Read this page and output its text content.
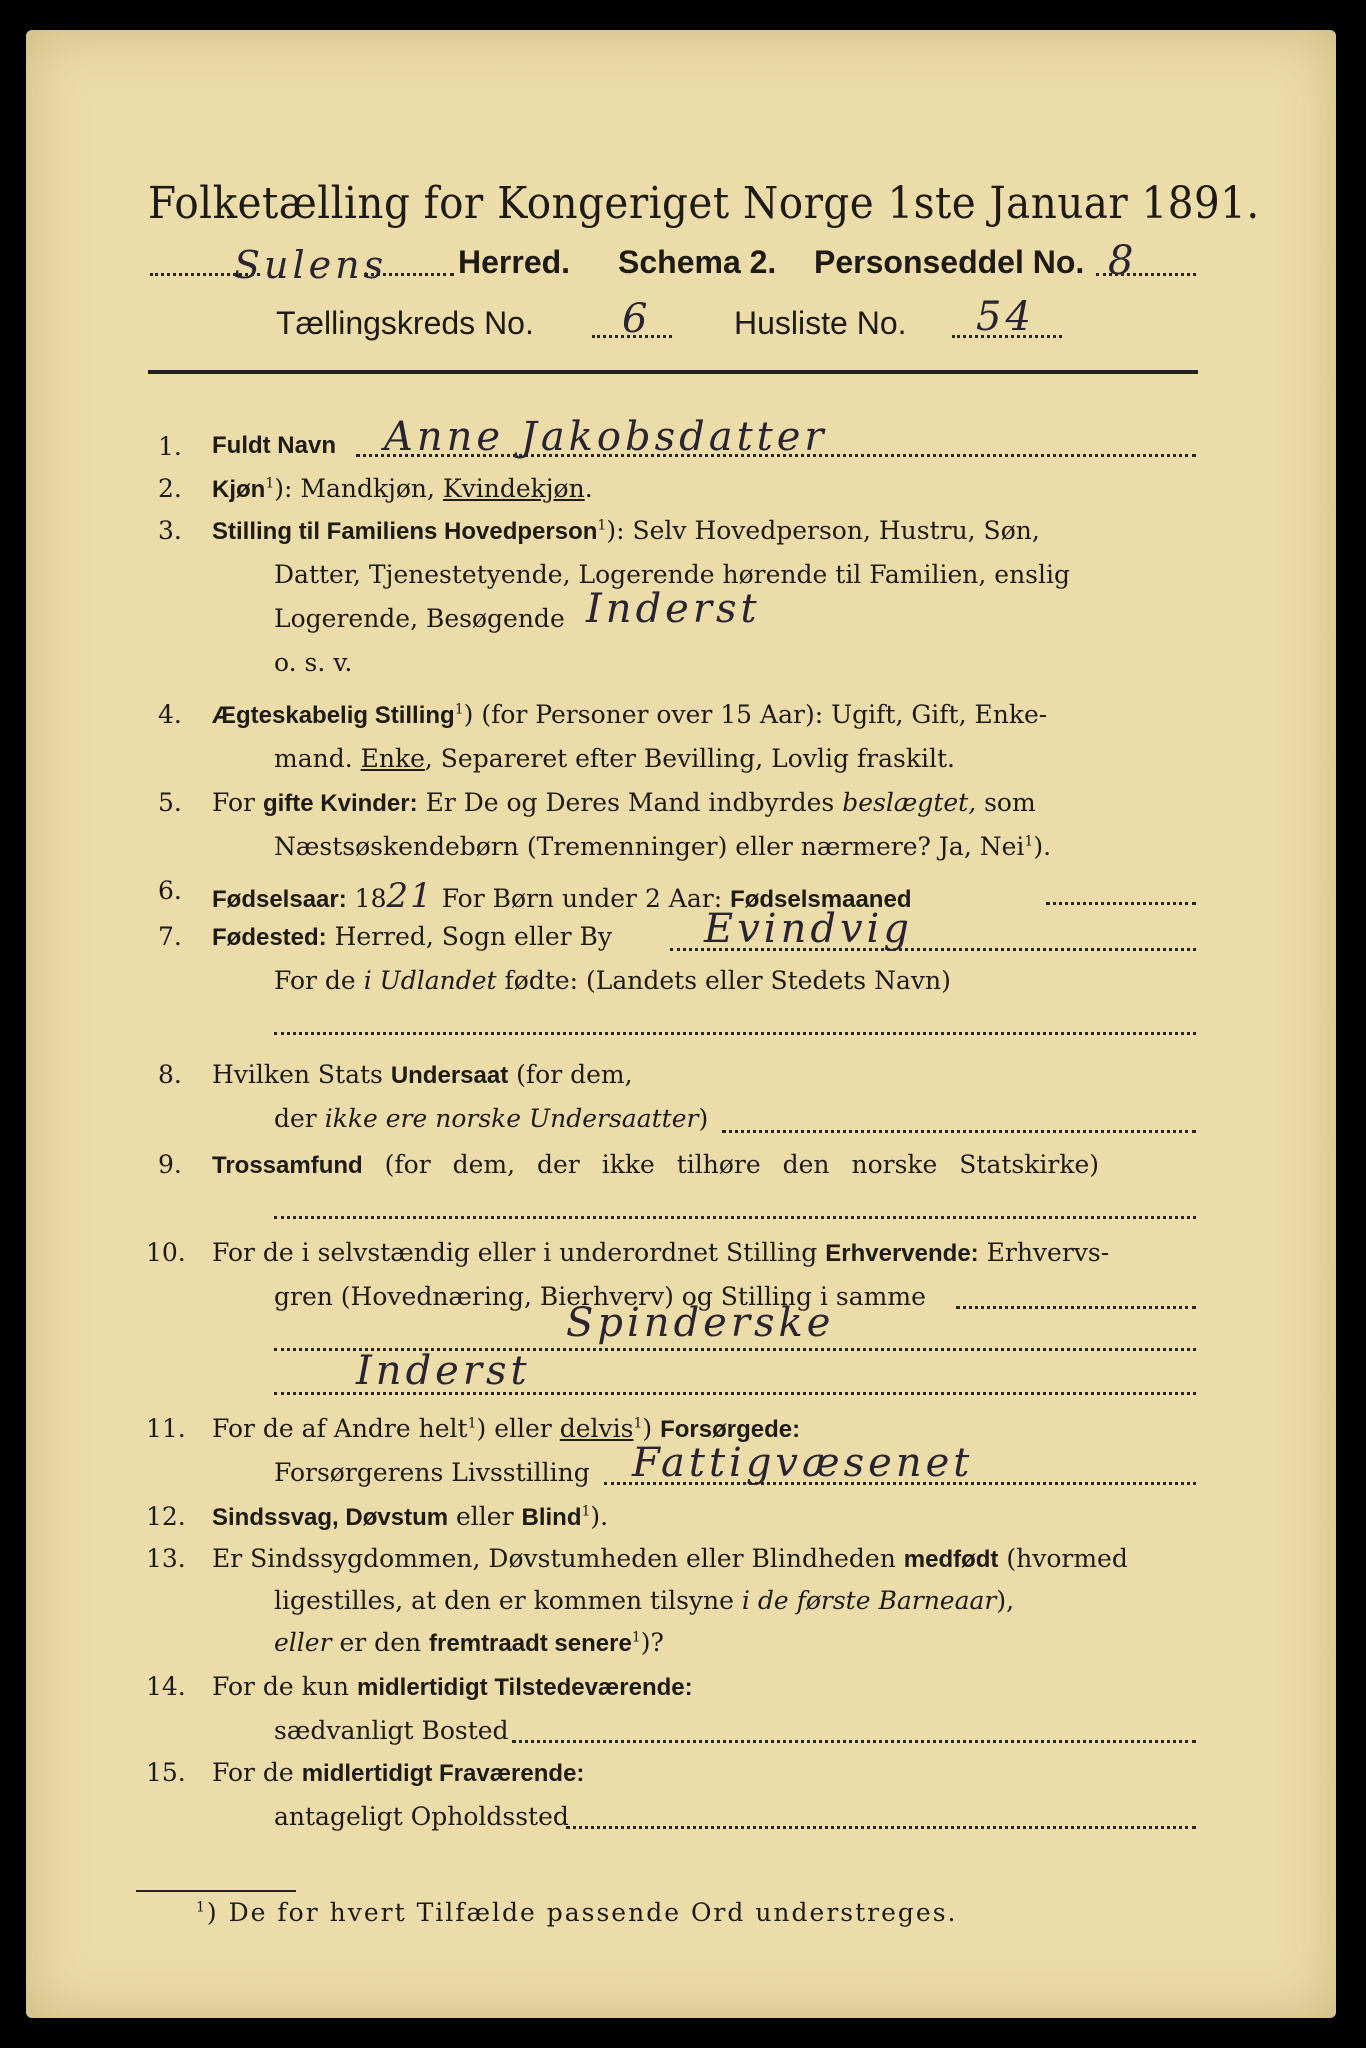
Folketælling for Kongeriget Norge 1ste Januar 1891.
Sulens Herred. Schema 2. Personseddel No. 8
Tællingskreds No. 6	Husliste No. 54
1. Fuldt Navn Anne Jakobsdatter
2. Kjøn$^1$): Mandkjøn, Kvindekjøn.
3. Stilling til Familiens Hovedperson$^1$): Selv Hovedperson, Hustru, Søn,
Datter, Tjenestetyende, Logerende hørende til Familien, enslig
Logerende, Besøgende Inderst
o. s. v.
4. Ægteskabelig Stilling$^1$) (for Personer over 15 Aar): Ugift, Gift, Enke-
mand. Enke, Separeret efter Bevilling, Lovlig fraskilt.
5. For gifte Kvinder: Er De og Deres Mand indbyrdes beslægtet, som
Næstsøskendebørn (Tremenninger) eller nærmere? Ja, Nei$^1$).
6. Fødselsaar: 1821 For Børn under 2 Aar: Fødselsmaaned
7. Fødested: Herred, Sogn eller By Evindvig
For de i Udlandet fødte: (Landets eller Stedets Navn)
8. Hvilken Stats Undersaat (for dem,
der ikke ere norske Undersaatter)
9. Trossamfund (for dem, der ikke tilhøre den norske Statskirke)
10. For de i selvstændig eller i underordnet Stilling Erhvervende: Erhvervs-
gren (Hovednæring, Bierhverv) og Stilling i samme
Spinderske
Inderst
11. For de af Andre helt$^1$) eller delvis$^1$) Forsørgede:
Forsørgerens Livsstilling Fattigvæsenet
12. Sindssvag, Døvstum eller Blind$^1$).
13. Er Sindssygdommen, Døvstumheden eller Blindheden medfødt (hvormed
ligestilles, at den er kommen tilsyne i de første Barneaar),
eller er den fremtraadt senere$^1$)?
14. For de kun midlertidigt Tilstedeværende:
sædvanligt Bosted
15. For de midlertidigt Fraværende:
antageligt Opholdssted
$^1$) De for hvert Tilfælde passende Ord understreges.
